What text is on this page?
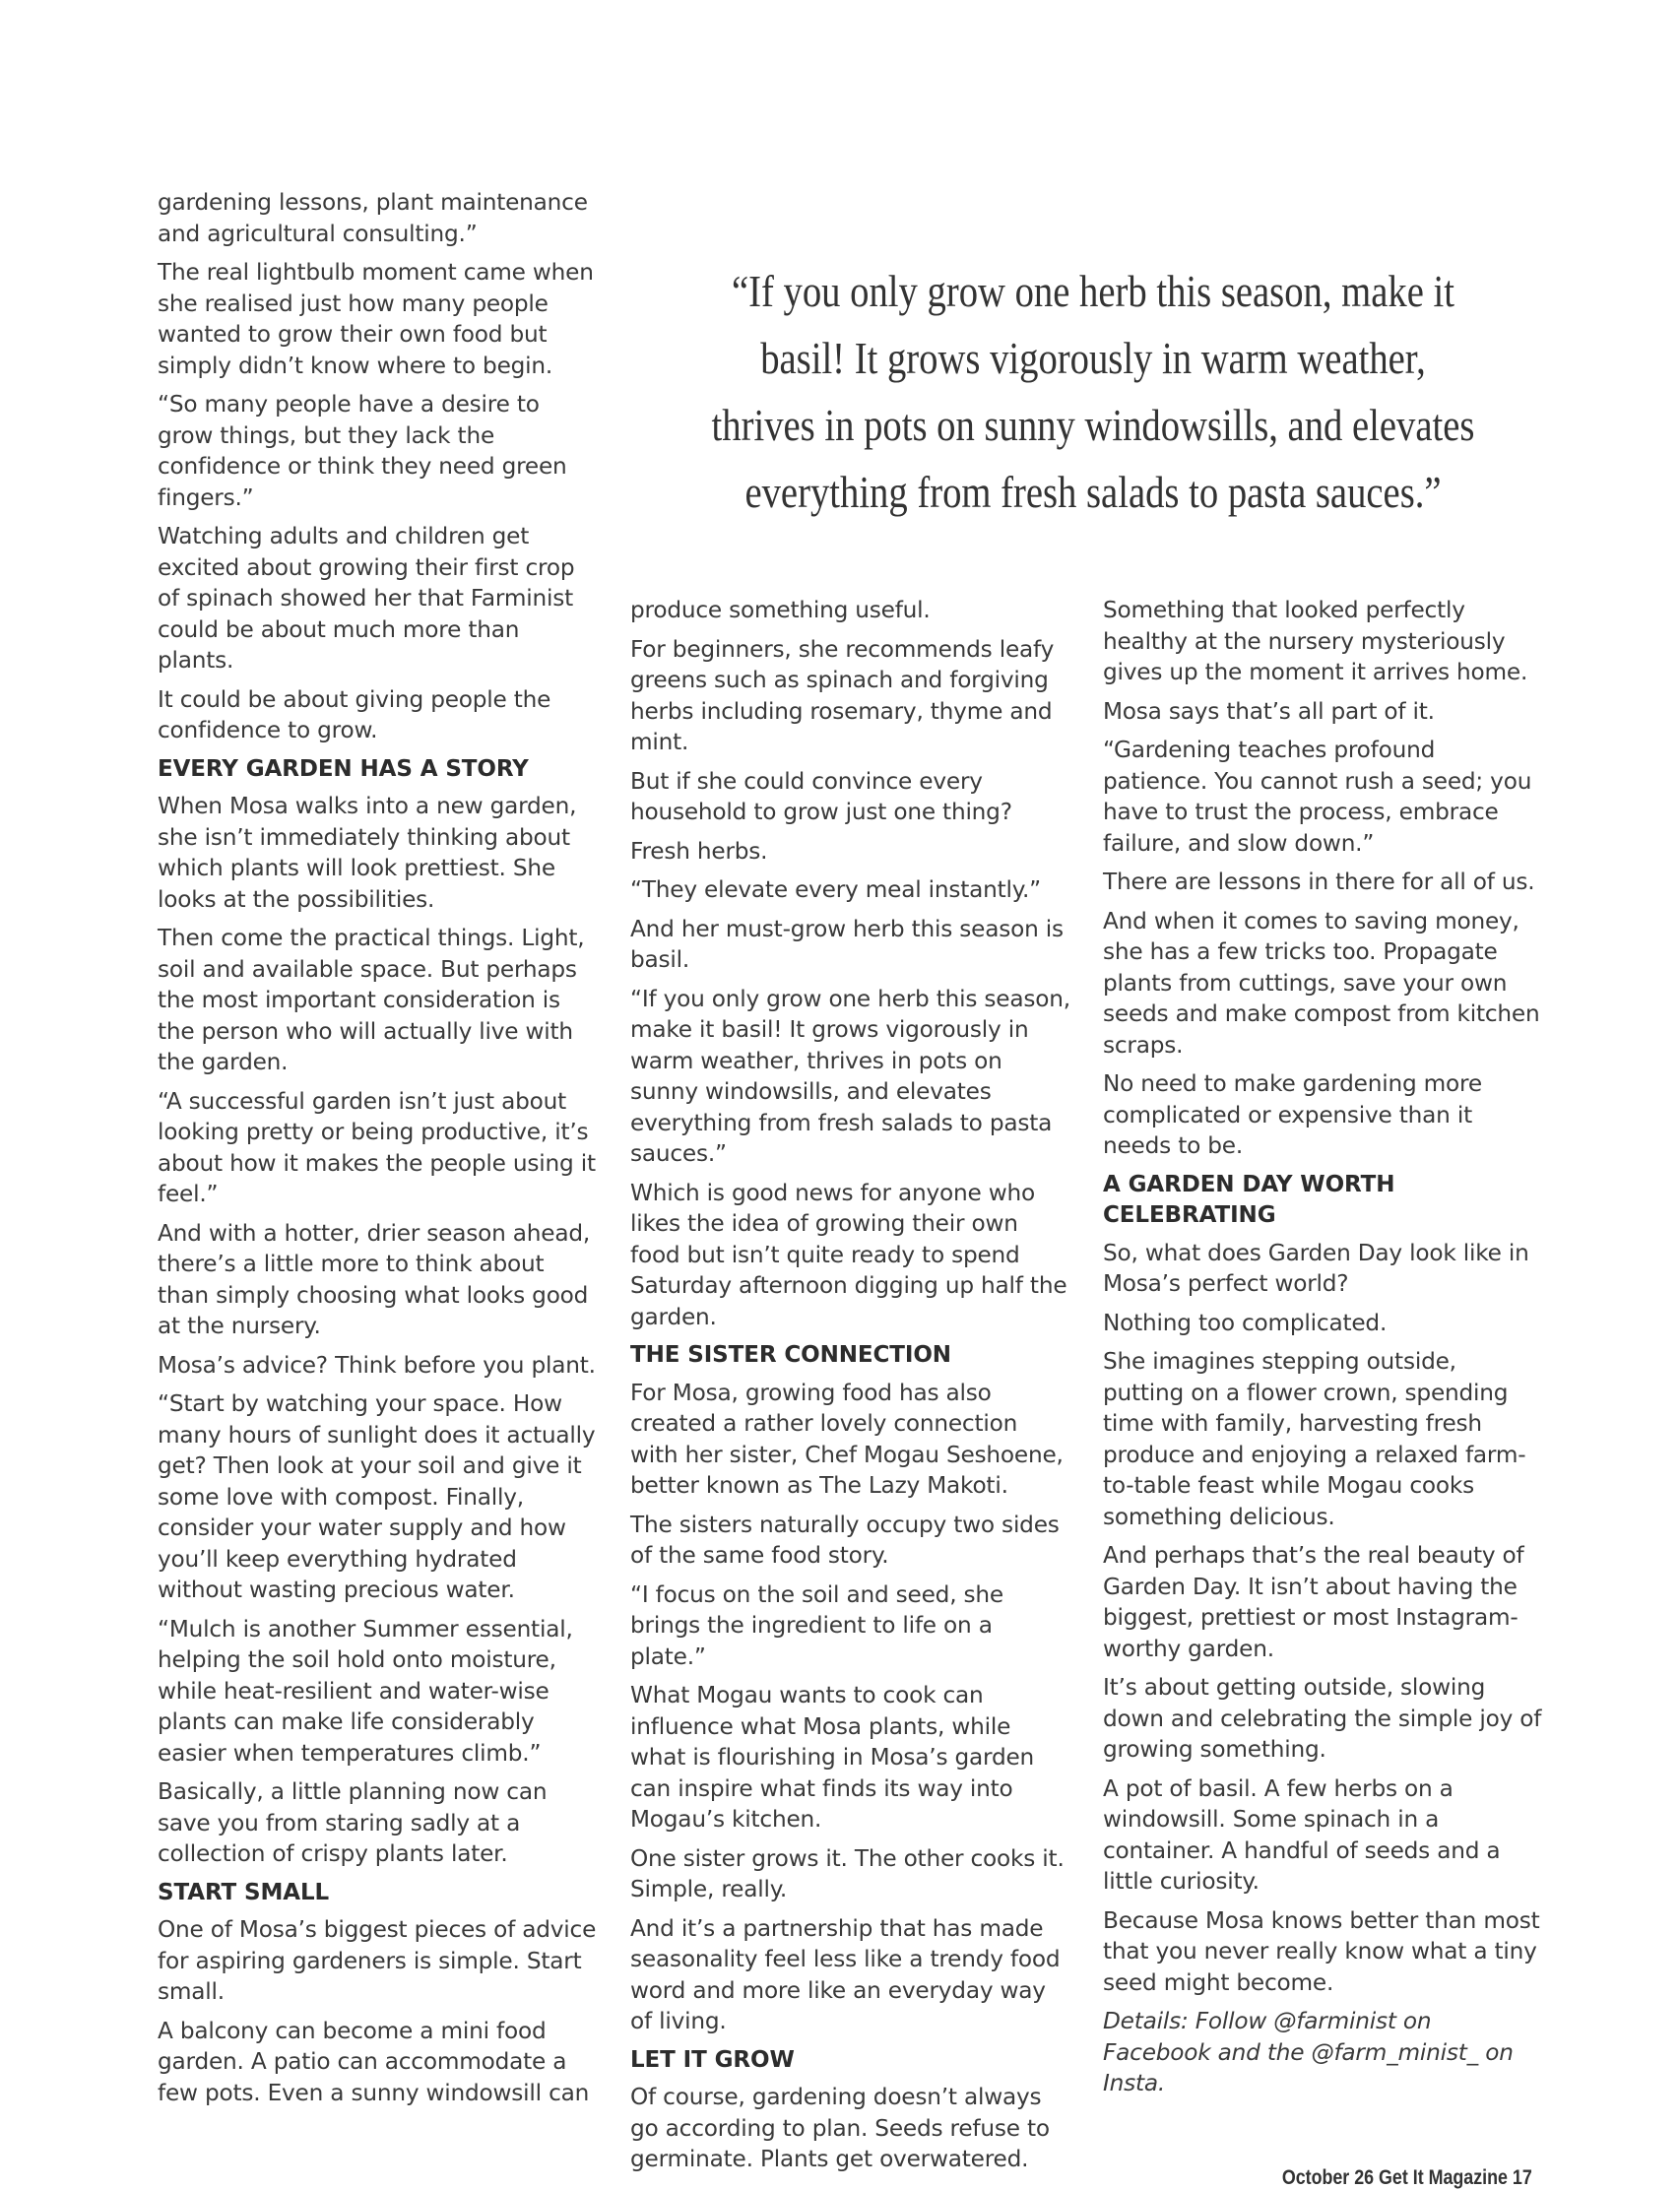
“If you only grow one herb this season, make it basil! It grows vigorously in warm weather, thrives in pots on sunny windowsills, and elevates everything from fresh salads to pasta sauces.”

gardening lessons, plant maintenance and agricultural consulting.”

The real lightbulb moment came when she realised just how many people wanted to grow their own food but simply didn’t know where to begin.

“So many people have a desire to grow things, but they lack the confidence or think they need green fingers.”

Watching adults and children get excited about growing their first crop of spinach showed her that Farminist could be about much more than plants.

It could be about giving people the confidence to grow.

EVERY GARDEN HAS A STORY

When Mosa walks into a new garden, she isn’t immediately thinking about which plants will look prettiest. She looks at the possibilities.

Then come the practical things. Light, soil and available space. But perhaps the most important consideration is the person who will actually live with the garden.

“A successful garden isn’t just about looking pretty or being productive, it’s about how it makes the people using it feel.”

And with a hotter, drier season ahead, there’s a little more to think about than simply choosing what looks good at the nursery.

Mosa’s advice? Think before you plant.

“Start by watching your space. How many hours of sunlight does it actually get? Then look at your soil and give it some love with compost. Finally, consider your water supply and how you’ll keep everything hydrated without wasting precious water.

“Mulch is another Summer essential, helping the soil hold onto moisture, while heat-resilient and water-wise plants can make life considerably easier when temperatures climb.”

Basically, a little planning now can save you from staring sadly at a collection of crispy plants later.

START SMALL

One of Mosa’s biggest pieces of advice for aspiring gardeners is simple. Start small.

A balcony can become a mini food garden. A patio can accommodate a few pots. Even a sunny windowsill can

produce something useful.

For beginners, she recommends leafy greens such as spinach and forgiving herbs including rosemary, thyme and mint.

But if she could convince every household to grow just one thing?

Fresh herbs.

“They elevate every meal instantly.”

And her must-grow herb this season is basil.

“If you only grow one herb this season, make it basil! It grows vigorously in warm weather, thrives in pots on sunny windowsills, and elevates everything from fresh salads to pasta sauces.”

Which is good news for anyone who likes the idea of growing their own food but isn’t quite ready to spend Saturday afternoon digging up half the garden.

THE SISTER CONNECTION

For Mosa, growing food has also created a rather lovely connection with her sister, Chef Mogau Seshoene, better known as The Lazy Makoti.

The sisters naturally occupy two sides of the same food story.

“I focus on the soil and seed, she brings the ingredient to life on a plate.”

What Mogau wants to cook can influence what Mosa plants, while what is flourishing in Mosa’s garden can inspire what finds its way into Mogau’s kitchen.

One sister grows it. The other cooks it. Simple, really.

And it’s a partnership that has made seasonality feel less like a trendy food word and more like an everyday way of living.

LET IT GROW

Of course, gardening doesn’t always go according to plan. Seeds refuse to germinate. Plants get overwatered.

Something that looked perfectly healthy at the nursery mysteriously gives up the moment it arrives home.

Mosa says that’s all part of it.

“Gardening teaches profound patience. You cannot rush a seed; you have to trust the process, embrace failure, and slow down.”

There are lessons in there for all of us.

And when it comes to saving money, she has a few tricks too. Propagate plants from cuttings, save your own seeds and make compost from kitchen scraps.

No need to make gardening more complicated or expensive than it needs to be.

A GARDEN DAY WORTH CELEBRATING

So, what does Garden Day look like in Mosa’s perfect world?

Nothing too complicated.

She imagines stepping outside, putting on a flower crown, spending time with family, harvesting fresh produce and enjoying a relaxed farm-to-table feast while Mogau cooks something delicious.

And perhaps that’s the real beauty of Garden Day. It isn’t about having the biggest, prettiest or most Instagram-worthy garden.

It’s about getting outside, slowing down and celebrating the simple joy of growing something.

A pot of basil. A few herbs on a windowsill. Some spinach in a container. A handful of seeds and a little curiosity.

Because Mosa knows better than most that you never really know what a tiny seed might become.

Details: Follow @farminist on Facebook and the @farm_minist_ on Insta.

October 26 Get It Magazine 17
